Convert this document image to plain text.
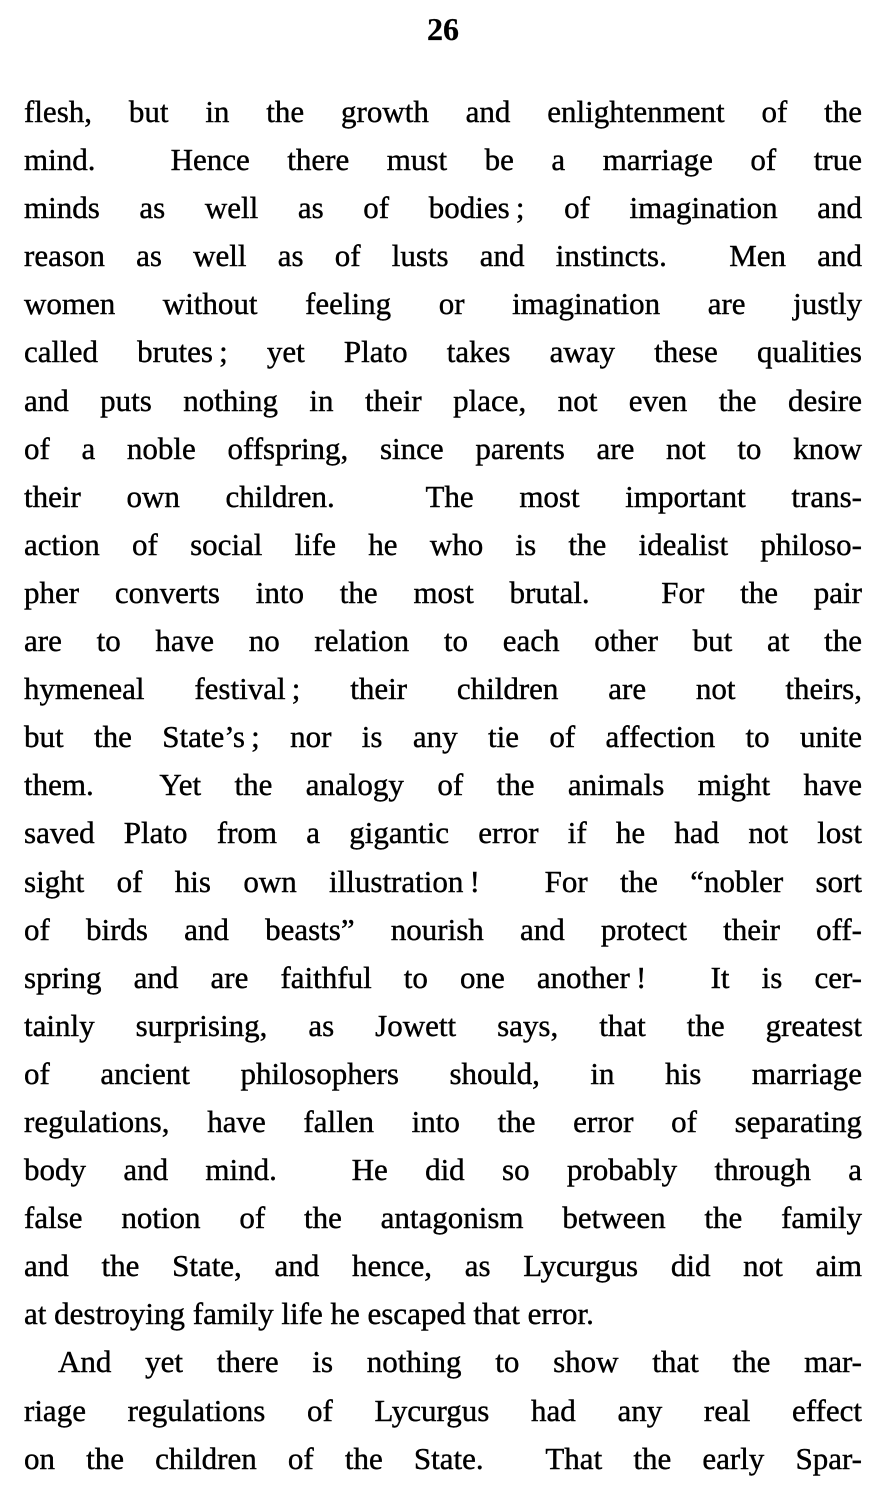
26
flesh, but in the growth and enlightenment of the
mind.  Hence there must be a marriage of true
minds as well as of bodies ; of imagination and
reason as well as of lusts and instincts.  Men and
women without feeling or imagination are justly
called brutes ; yet Plato takes away these qualities
and puts nothing in their place, not even the desire
of a noble offspring, since parents are not to know
their own children.  The most important trans-
action of social life he who is the idealist philoso-
pher converts into the most brutal.  For the pair
are to have no relation to each other but at the
hymeneal festival ; their children are not theirs,
but the State’s ; nor is any tie of affection to unite
them.  Yet the analogy of the animals might have
saved Plato from a gigantic error if he had not lost
sight of his own illustration !  For the “nobler sort
of birds and beasts” nourish and protect their off-
spring and are faithful to one another !  It is cer-
tainly surprising, as Jowett says, that the greatest
of ancient philosophers should, in his marriage
regulations, have fallen into the error of separating
body and mind.  He did so probably through a
false notion of the antagonism between the family
and the State, and hence, as Lycurgus did not aim
at destroying family life he escaped that error.
And yet there is nothing to show that the mar-
riage regulations of Lycurgus had any real effect
on the children of the State.  That the early Spar-
